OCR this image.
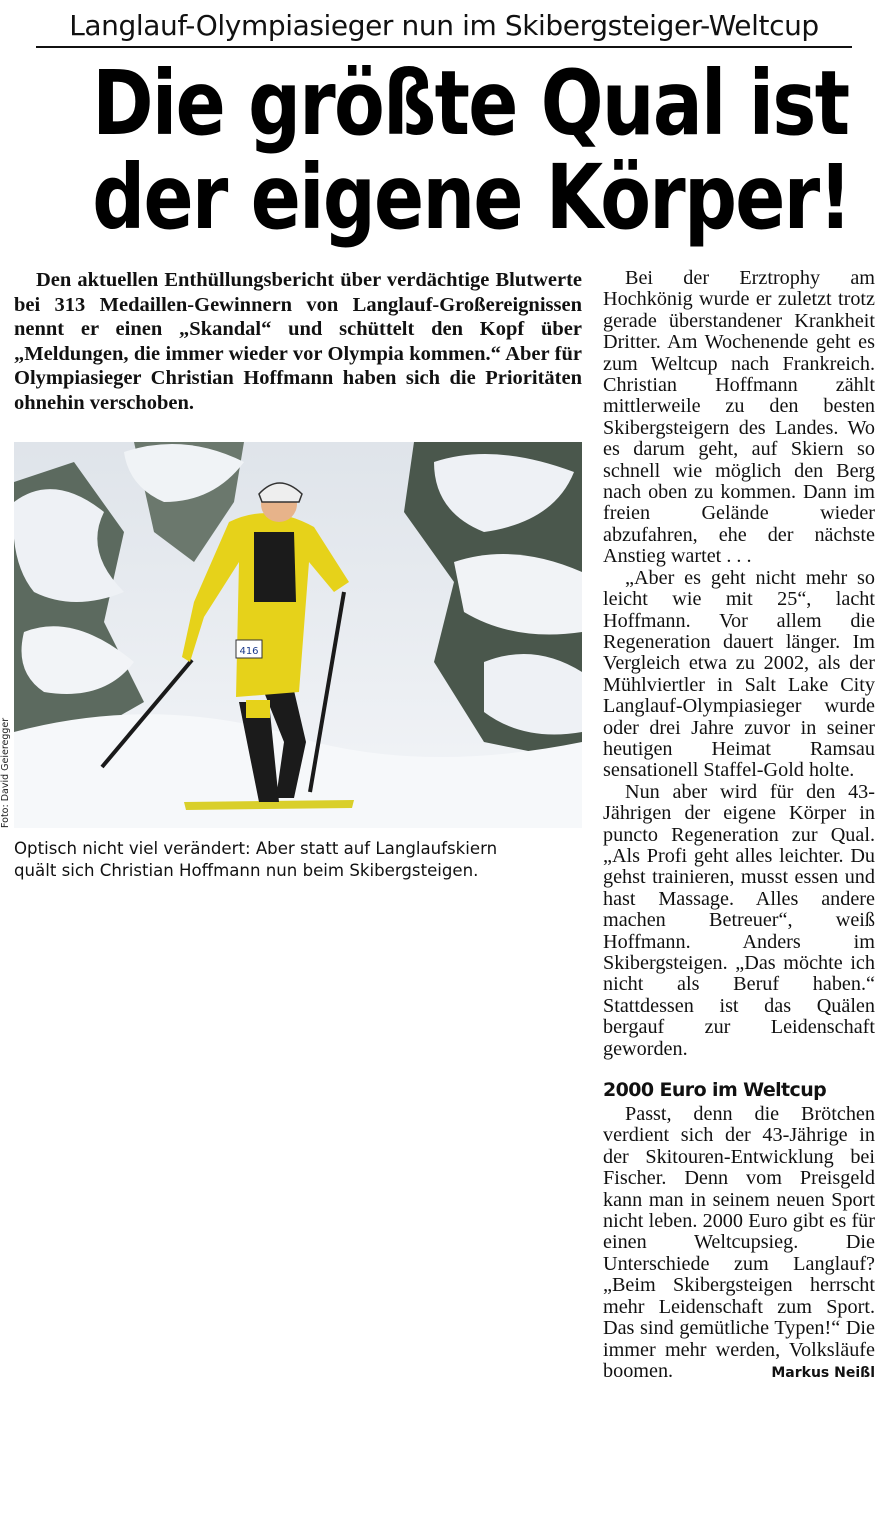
Langlauf-Olympiasieger nun im Skibergsteiger-Weltcup
Die größte Qual ist
der eigene Körper!

Den aktuellen Enthüllungsbericht über verdächtige Blutwerte bei 313 Medaillen-Gewinnern von Langlauf-Großereignissen nennt er einen „Skandal“ und schüttelt den Kopf über „Meldungen, die immer wieder vor Olympia kommen.“ Aber für Olympiasieger Christian Hoffmann haben sich die Prioritäten ohnehin verschoben.

416
Foto: David Geieregger

Optisch nicht viel verändert: Aber statt auf Langlaufskiern

quält sich Christian Hoffmann nun beim Skibergsteigen.

Bei der Erztrophy am Hochkönig wurde er zuletzt trotz gerade überstandener Krankheit Dritter. Am Wochenende geht es zum Weltcup nach Frankreich. Christian Hoffmann zählt mittlerweile zu den besten Skibergsteigern des Landes. Wo es darum geht, auf Skiern so schnell wie möglich den Berg nach oben zu kommen. Dann im freien Gelände wieder abzufahren, ehe der nächste Anstieg wartet . . .

„Aber es geht nicht mehr so leicht wie mit 25“, lacht Hoffmann. Vor allem die Regeneration dauert länger. Im Vergleich etwa zu 2002, als der Mühlviertler in Salt Lake City Langlauf-Olympiasieger wurde oder drei Jahre zuvor in seiner heutigen Heimat Ramsau sensationell Staffel-Gold holte.

Nun aber wird für den 43-Jährigen der eigene Körper in puncto Regeneration zur Qual. „Als Profi geht alles leichter. Du gehst trainieren, musst essen und hast Massage. Alles andere machen Betreuer“, weiß Hoffmann. Anders im Skibergsteigen. „Das möchte ich nicht als Beruf haben.“ Stattdessen ist das Quälen bergauf zur Leidenschaft geworden.

2000 Euro im Weltcup

Passt, denn die Brötchen verdient sich der 43-Jährige in der Skitouren-Entwicklung bei Fischer. Denn vom Preisgeld kann man in seinem neuen Sport nicht leben. 2000 Euro gibt es für einen Weltcupsieg. Die Unterschiede zum Langlauf? „Beim Skibergsteigen herrscht mehr Leidenschaft zum Sport. Das sind gemütliche Typen!“ Die immer mehr werden, Volksläufe boomen.	Markus Neißl
